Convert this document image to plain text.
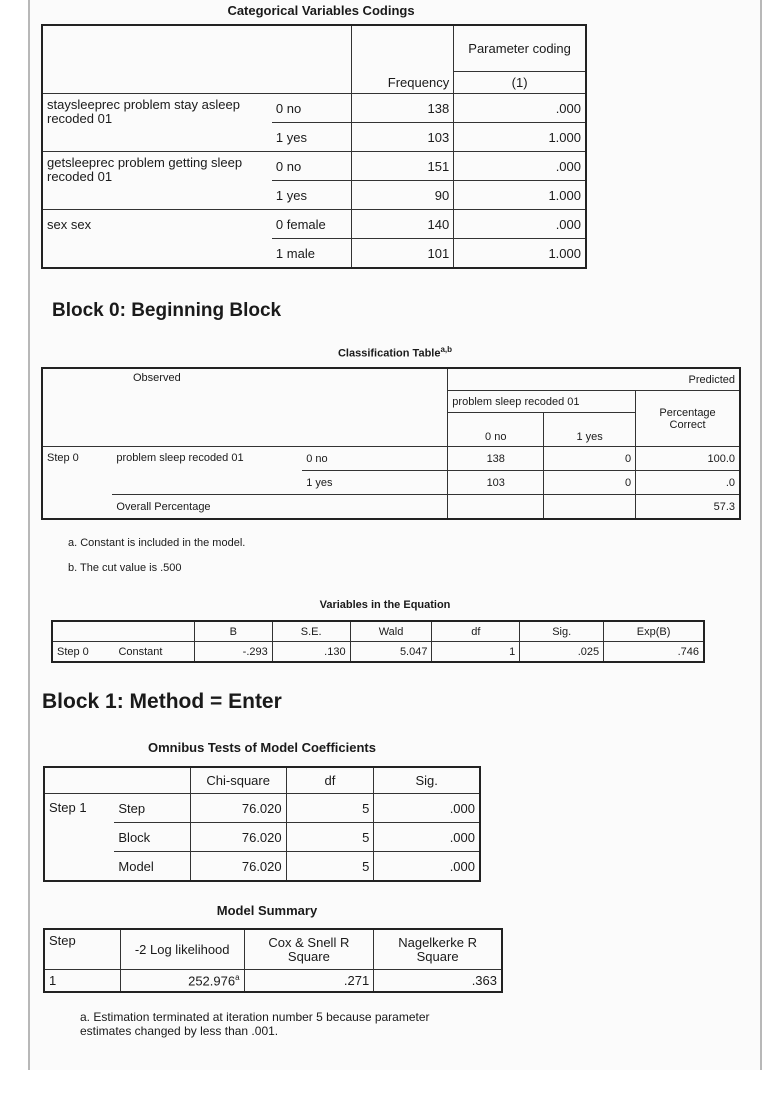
Categorical Variables Codings
		Frequency	Parameter coding
			(1)
staysleeprec problem stay asleep recoded 01	0 no	138	.000
	1 yes	103	1.000
getsleeprec problem getting sleep recoded 01	0 no	151	.000
	1 yes	90	1.000
sex sex	0 female	140	.000
	1 male	101	1.000
Block 0: Beginning Block
Classification Table$^{a,b}$
Observed			Predicted		
			problem sleep recoded 01		Percentage Correct
			0 no	1 yes	
Step 0	problem sleep recoded 01	0 no	138	0	100.0
		1 yes	103	0	.0
	Overall Percentage				57.3
a. Constant is included in the model.
b. The cut value is .500
Variables in the Equation
		B	S.E.	Wald	df	Sig.	Exp(B)
Step 0	Constant	-.293	.130	5.047	1	.025	.746
Block 1: Method = Enter
Omnibus Tests of Model Coefficients
		Chi-square	df	Sig.
Step 1	Step	76.020	5	.000
	Block	76.020	5	.000
	Model	76.020	5	.000
Model Summary
Step	-2 Log likelihood	Cox & Snell R Square	Nagelkerke R Square
1	252.976$^a$	.271	.363
a. Estimation terminated at iteration number 5 because parameter estimates changed by less than .001.
